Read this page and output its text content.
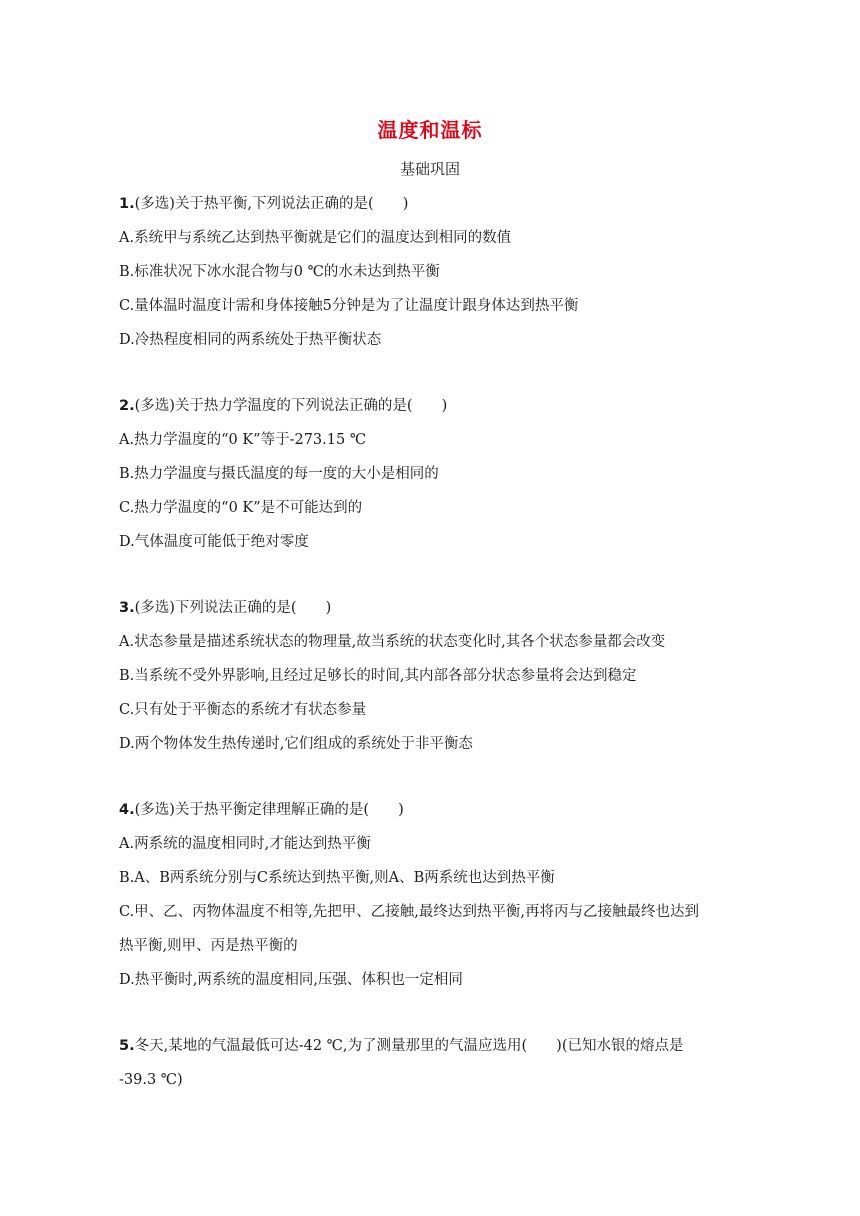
温度和温标
基础巩固
1.(多选)关于热平衡,下列说法正确的是(　　)
A.系统甲与系统乙达到热平衡就是它们的温度达到相同的数值
B.标准状况下冰水混合物与0 ℃的水未达到热平衡
C.量体温时温度计需和身体接触5分钟是为了让温度计跟身体达到热平衡
D.冷热程度相同的两系统处于热平衡状态
2.(多选)关于热力学温度的下列说法正确的是(　　)
A.热力学温度的“0 K”等于-273.15 ℃
B.热力学温度与摄氏温度的每一度的大小是相同的
C.热力学温度的“0 K”是不可能达到的
D.气体温度可能低于绝对零度
3.(多选)下列说法正确的是(　　)
A.状态参量是描述系统状态的物理量,故当系统的状态变化时,其各个状态参量都会改变
B.当系统不受外界影响,且经过足够长的时间,其内部各部分状态参量将会达到稳定
C.只有处于平衡态的系统才有状态参量
D.两个物体发生热传递时,它们组成的系统处于非平衡态
4.(多选)关于热平衡定律理解正确的是(　　)
A.两系统的温度相同时,才能达到热平衡
B.A、B两系统分别与C系统达到热平衡,则A、B两系统也达到热平衡
C.甲、乙、丙物体温度不相等,先把甲、乙接触,最终达到热平衡,再将丙与乙接触最终也达到
热平衡,则甲、丙是热平衡的
D.热平衡时,两系统的温度相同,压强、体积也一定相同
5.冬天,某地的气温最低可达-42 ℃,为了测量那里的气温应选用(　　)(已知水银的熔点是
-39.3 ℃)
